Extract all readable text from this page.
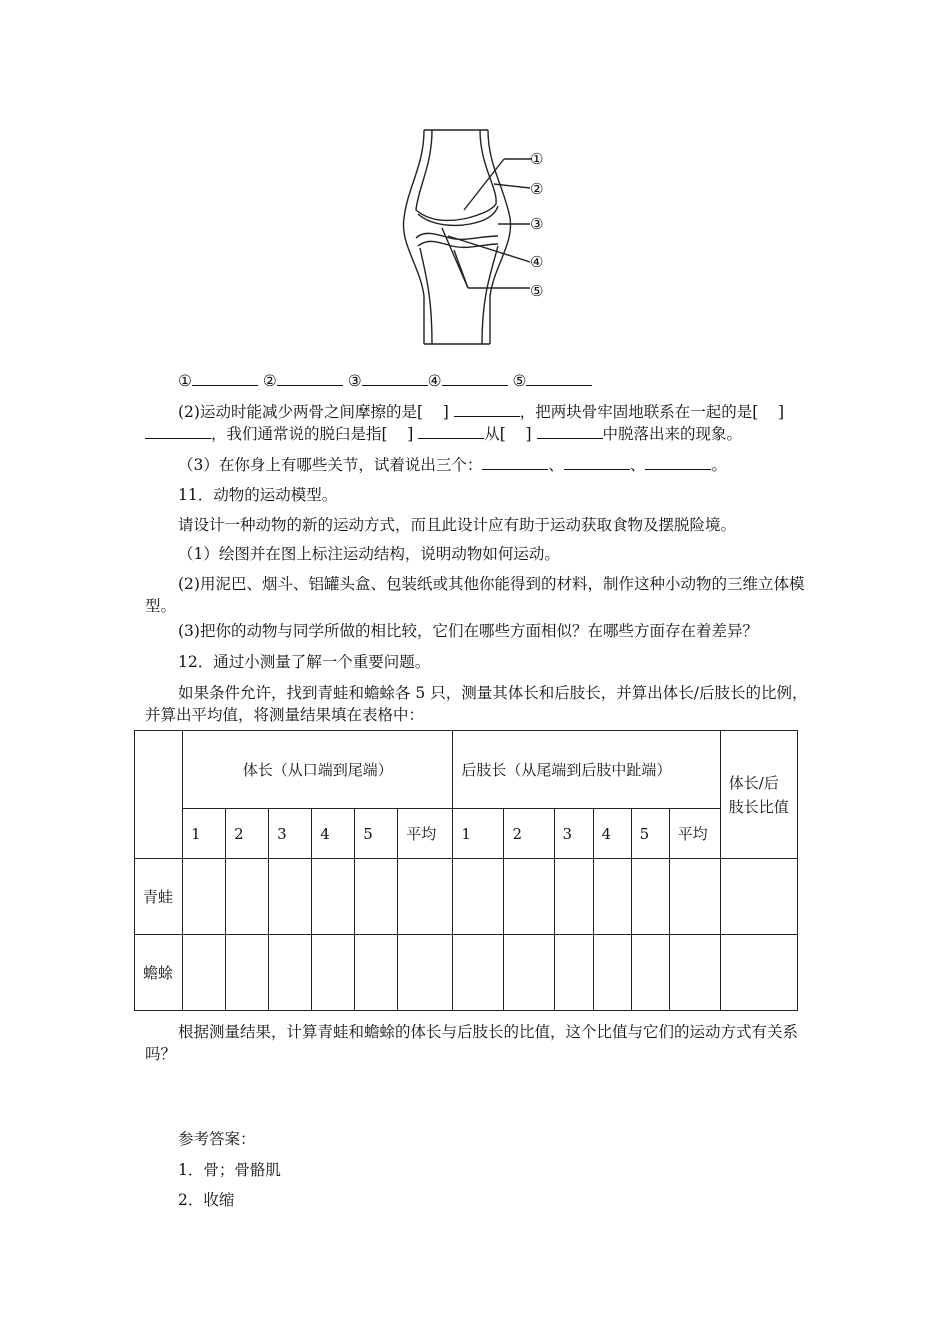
①
②
③
④
⑤

①	②	③	④	⑤

(2)运动时能减少两骨之间摩擦的是[ ]	，把两块骨牢固地联系在一起的是[ ] ，我们通常说的脱臼是指[ ]	从[ ]	中脱落出来的现象。

（3）在你身上有哪些关节，试着说出三个：	、	、	。

11．动物的运动模型。

请设计一种动物的新的运动方式，而且此设计应有助于运动获取食物及摆脱险境。

（1）绘图并在图上标注运动结构，说明动物如何运动。

(2)用泥巴、烟斗、铝罐头盒、包装纸或其他你能得到的材料，制作这种小动物的三维立体模型。

(3)把你的动物与同学所做的相比较，它们在哪些方面相似？在哪些方面存在着差异？

12．通过小测量了解一个重要问题。

如果条件允许，找到青蛙和蟾蜍各 5 只，测量其体长和后肢长，并算出体长/后肢长的比例，并算出平均值，将测量结果填在表格中：

	体长（从口端到尾端）						后肢长（从尾端到后肢中趾端）						体长/后肢长比值
	1	2	3	4	5	平均	1	2	3	4	5	平均	
青蛙													
蟾蜍													

根据测量结果，计算青蛙和蟾蜍的体长与后肢长的比值，这个比值与它们的运动方式有关系吗？

参考答案：

1．骨；骨骼肌

2．收缩
